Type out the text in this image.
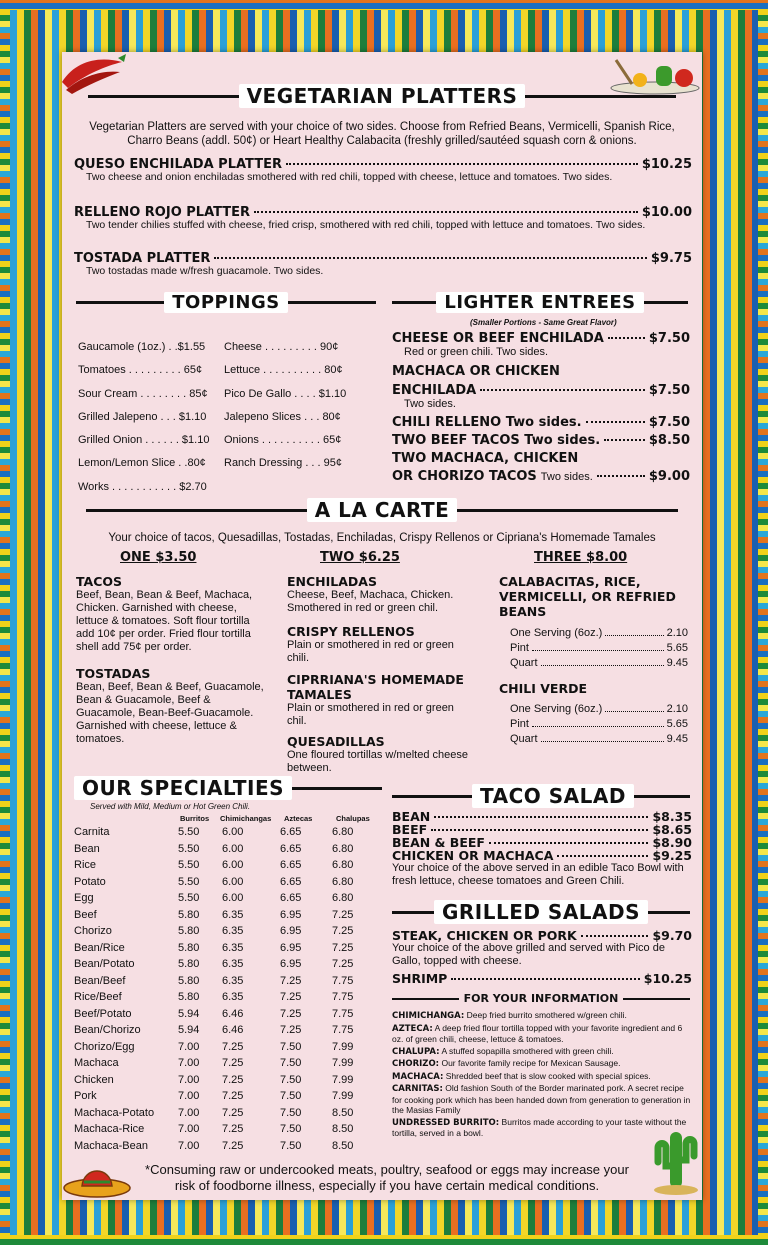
VEGETARIAN PLATTERS
Vegetarian Platters are served with your choice of two sides. Choose from Refried Beans, Vermicelli, Spanish Rice, Charro Beans (addl. 50¢) or Heart Healthy Calabacita (freshly grilled/sautéed squash corn & onions.
QUESO ENCHILADA PLATTER	$10.25
Two cheese and onion enchiladas smothered with red chili, topped with cheese, lettuce and tomatoes. Two sides.
RELLENO ROJO PLATTER	$10.00
Two tender chilies stuffed with cheese, fried crisp, smothered with red chili, topped with lettuce and tomatoes. Two sides.
TOSTADA PLATTER	$9.75
Two tostadas made w/fresh guacamole. Two sides.
TOPPINGS
Gaucamole (1oz.) . .$1.55
Tomatoes . . . . . . . . . 65¢
Sour Cream . . . . . . . . 85¢
Grilled Jalepeno . . . $1.10
Grilled Onion . . . . . . $1.10
Lemon/Lemon Slice . .80¢
Works . . . . . . . . . . . $2.70
Cheese . . . . . . . . . 90¢
Lettuce . . . . . . . . . . 80¢
Pico De Gallo . . . . $1.10
Jalepeno Slices . . . 80¢
Onions . . . . . . . . . . 65¢
Ranch Dressing . . . 95¢
LIGHTER ENTREES
(Smaller Portions - Same Great Flavor)
CHEESE OR BEEF ENCHILADA	$7.50
Red or green chili. Two sides.
MACHACA OR CHICKEN
ENCHILADA	$7.50
Two sides.
CHILI RELLENO Two sides.	$7.50
TWO BEEF TACOS Two sides.	$8.50
TWO MACHACA, CHICKEN
OR CHORIZO TACOS Two sides.	$9.00
A LA CARTE
Your choice of tacos, Quesadillas, Tostadas, Enchiladas, Crispy Rellenos or Cipriana's Homemade Tamales
ONE $3.50	TWO $6.25	THREE $8.00
TACOS
Beef, Bean, Bean & Beef, Machaca, Chicken. Garnished with cheese, lettuce & tomatoes. Soft flour tortilla add 10¢ per order. Fried flour tortilla shell add 75¢ per order.
TOSTADAS
Bean, Beef, Bean & Beef, Guacamole, Bean & Guacamole, Beef & Guacamole, Bean-Beef-Guacamole. Garnished with cheese, lettuce & tomatoes.
ENCHILADAS
Cheese, Beef, Machaca, Chicken. Smothered in red or green chil.
CRISPY RELLENOS
Plain or smothered in red or green chili.
CIPRRIANA'S HOMEMADE TAMALES
Plain or smothered in red or green chil.
QUESADILLAS
One floured tortillas w/melted cheese between.
CALABACITAS, RICE, VERMICELLI, OR REFRIED BEANS
One Serving (6oz.)	2.10
Pint	5.65
Quart	9.45
CHILI VERDE
One Serving (6oz.)	2.10
Pint	5.65
Quart	9.45
OUR SPECIALTIES
Served with Mild, Medium or Hot Green Chili.
Burritos Chimichangas Aztecas	Chalupas
Carnita	5.50	6.00	6.65	6.80
Bean	5.50	6.00	6.65	6.80
Rice	5.50	6.00	6.65	6.80
Potato	5.50	6.00	6.65	6.80
Egg	5.50	6.00	6.65	6.80
Beef	5.80	6.35	6.95	7.25
Chorizo	5.80	6.35	6.95	7.25
Bean/Rice	5.80	6.35	6.95	7.25
Bean/Potato	5.80	6.35	6.95	7.25
Bean/Beef	5.80	6.35	7.25	7.75
Rice/Beef	5.80	6.35	7.25	7.75
Beef/Potato	5.94	6.46	7.25	7.75
Bean/Chorizo	5.94	6.46	7.25	7.75
Chorizo/Egg	7.00	7.25	7.50	7.99
Machaca	7.00	7.25	7.50	7.99
Chicken	7.00	7.25	7.50	7.99
Pork	7.00	7.25	7.50	7.99
Machaca-Potato	7.00	7.25	7.50	8.50
Machaca-Rice	7.00	7.25	7.50	8.50
Machaca-Bean	7.00	7.25	7.50	8.50
TACO SALAD
BEAN	$8.35
BEEF	$8.65
BEAN & BEEF	$8.90
CHICKEN OR MACHACA	$9.25
Your choice of the above served in an edible Taco Bowl with fresh lettuce, cheese tomatoes and Green Chili.
GRILLED SALADS
STEAK, CHICKEN OR PORK	$9.70
Your choice of the above grilled and served with Pico de Gallo, topped with cheese.
SHRIMP	$10.25
FOR YOUR INFORMATION
CHIMICHANGA: Deep fried burrito smothered w/green chili.
AZTECA: A deep fried flour tortilla topped with your favorite ingredient and 6 oz. of green chili, cheese, lettuce & tomatoes.
CHALUPA: A stuffed sopapilla smothered with green chili.
CHORIZO: Our favorite family recipe for Mexican Sausage.
MACHACA: Shredded beef that is slow cooked with special spices.
CARNITAS: Old fashion South of the Border marinated pork. A secret recipe for cooking pork which has been handed down from generation to generation in the Masias Family
UNDRESSED BURRITO: Burritos made according to your taste without the tortilla, served in a bowl.
*Consuming raw or undercooked meats, poultry, seafood or eggs may increase your risk of foodborne illness, especially if you have certain medical conditions.
